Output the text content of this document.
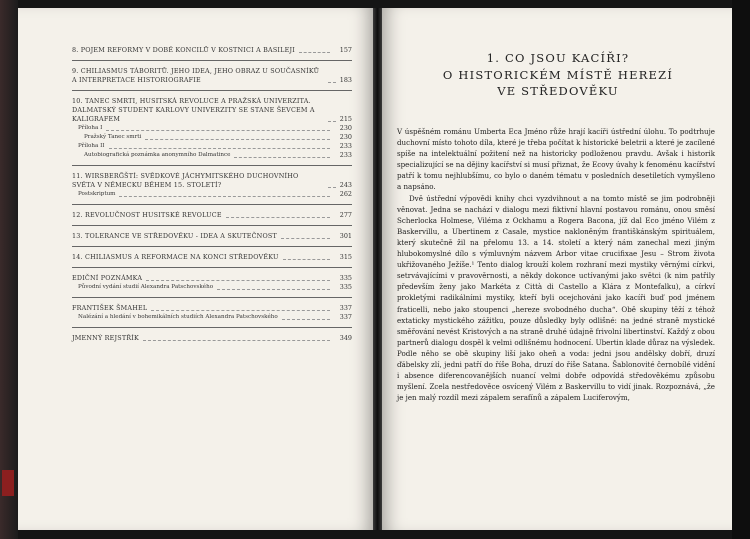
8. POJEM REFORMY V DOBĚ KONCILŮ V KOSTNICI A BASILEJI	157
9. CHILIASMUS TÁBORITŮ. JEHO IDEA, JEHO OBRAZ U SOUČASNÍKŮ A INTERPRETACE HISTORIOGRAFIE	183
10. TANEC SMRTI, HUSITSKÁ REVOLUCE A PRAŽSKÁ UNIVERZITA. DALMATSKÝ STUDENT KARLOVY UNIVERZITY SE STANE ŠEVCEM A KALIGRAFEM	215
Příloha I	230
Pražský Tanec smrti	230
Příloha II	233
Autobiografická poznámka anonymního Dalmatince	233
11. WIRSBERG̃ŠTÍ: SVĚDKOVÉ JÁCHYMITSKÉHO DUCHOVNÍHO SVĚTA V NĚMECKU BĚHEM 15. STOLETÍ?	243
Postskriptum	262
12. REVOLUČNOST HUSITSKÉ REVOLUCE	277
13. TOLERANCE VE STŘEDOVĚKU - IDEA A SKUTEČNOST	301
14. CHILIASMUS A REFORMACE NA KONCI STŘEDOVĚKU	315
EDIČNÍ POZNÁMKA	335
Původní vydání studií Alexandra Patschovského	335
FRANTIŠEK ŠMAHEL	337
Nalézání a hledání v bohemikálních studiích Alexandra Patschovského	337
JMENNÝ REJSTŘÍK	349
1. CO JSOU KACÍŘI?
O HISTORICKÉM MÍSTĚ HEREZÍ
VE STŘEDOVĚKU

V úspěšném románu Umberta Eca Jméno růže hrají kacíři ústřední úlohu. To podtrhuje duchovní místo tohoto díla, které je třeba počítat k historické beletrii a které je zacílené spíše na intelektuální požitení než na historicky podloženou pravdu. Avšak i historik specializující se na dějiny kacířství si musí přiznat, že Ecovy úvahy k fenoménu kacířství patří k tomu nejhlubšímu, co bylo o daném tématu v posledních desetiletích vymyšleno a napsáno.

Dvě ústřední výpovědi knihy chci vyzdvihnout a na tomto místě se jim podrobněji věnovat. Jedna se nachází v dialogu mezi fiktivní hlavní postavou románu, onou směsí Scherlocka Holmese, Viléma z Ockhamu a Rogera Bacona, jíž dal Eco jméno Vilém z Baskervillu, a Ubertinem z Casale, mystice nakloněným františkánským spirituálem, který skutečně žil na přelomu 13. a 14. století a který nám zanechal mezi jiným hlubokomyslné dílo s výmluvným názvem Arbor vitae crucifixae Jesu – Strom života ukřižovaného Ježíše.¹ Tento dialog krouží kolem rozhraní mezi mystiky věrnými církvi, setrvávajícími v pravověrnosti, a někdy dokonce uctívanými jako světci (k nim patřily především ženy jako Markéta z Città di Castello a Klára z Montefalku), a církví prokletými radikálními mystiky, kteří byli ocejchováni jako kacíři buď pod jménem fraticelli, nebo jako stoupenci „hereze svobodného ducha“. Obě skupiny těží z téhož extaticky mystického zážitku, pouze důsledky byly odlišné: na jedné straně mystické směřování nevést Kristových a na straně druhé údajně frivolní libertinství. Každý z obou partnerů dialogu dospěl k velmi odlišnému hodnocení. Ubertin klade důraz na výsledek. Podle něho se obě skupiny liší jako oheň a voda: jedni jsou andělsky dobří, druzí ďábelsky zlí, jedni patří do říše Boha, druzí do říše Satana. Šablonovité černobílé vidění i absence diferencovanějších nuancí velmi dobře odpovídá středověkému způsobu myšlení. Zcela nestředověce osvícený Vilém z Baskervillu to vidí jinak. Rozpoznává, „že je jen malý rozdíl mezi zápalem serafínů a zápalem Luciferovým,
